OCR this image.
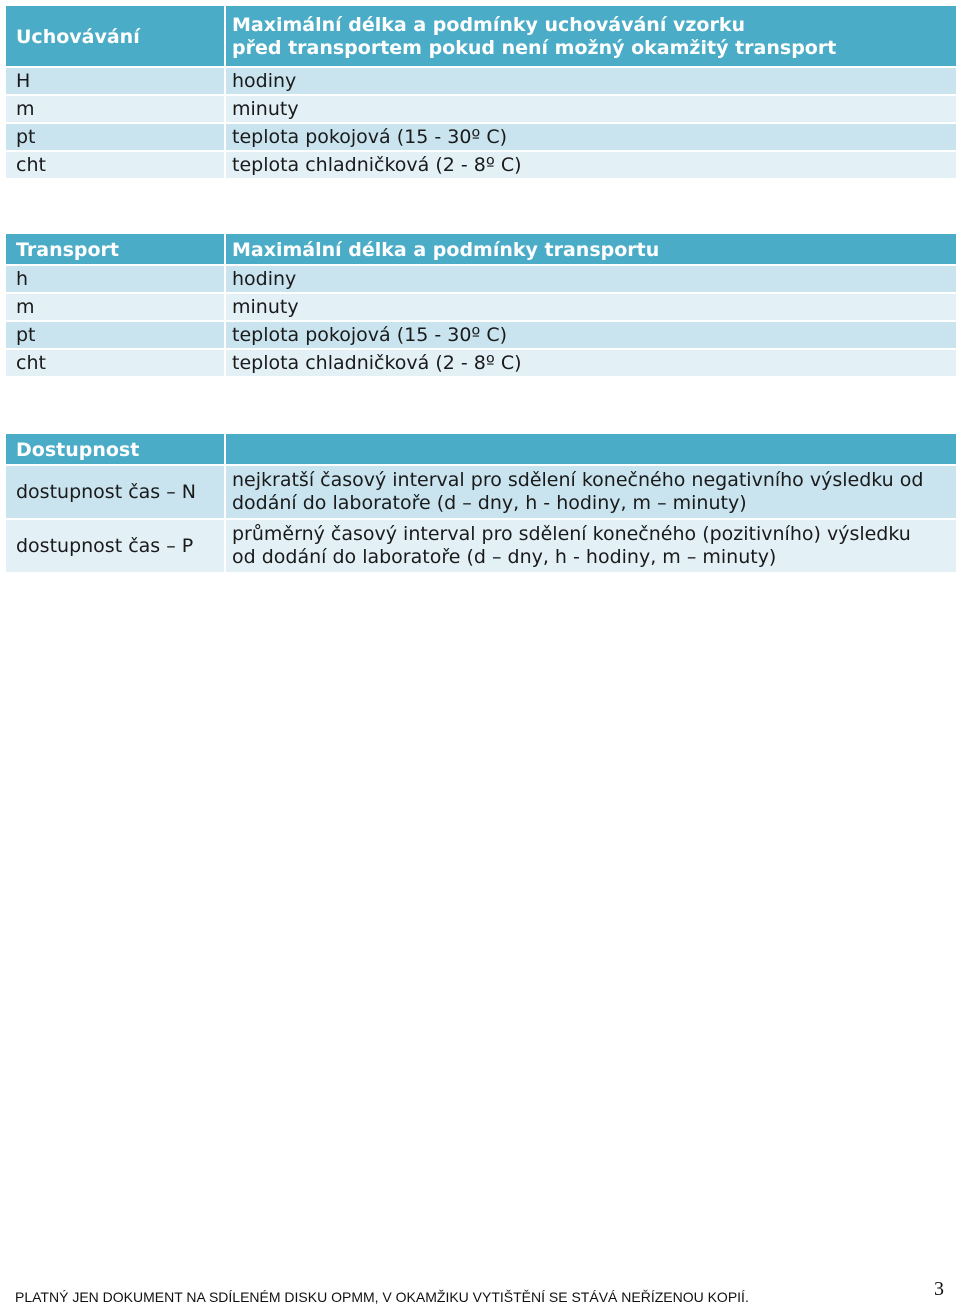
Uchovávání	Maximální délka a podmínky uchovávání vzorku
před transportem pokud není možný okamžitý transport

H	hodiny
m	minuty
pt	teplota pokojová (15 - 30º C)
cht	teplota chladničková (2 - 8º C)
Transport	Maximální délka a podmínky transportu
h	hodiny
m	minuty
pt	teplota pokojová (15 - 30º C)
cht	teplota chladničková (2 - 8º C)
Dostupnost	
dostupnost čas – N	nejkratší časový interval pro sdělení konečného negativního výsledku od
dodání do laboratoře (d – dny, h - hodiny, m – minuty)

dostupnost čas – P	průměrný časový interval pro sdělení konečného (pozitivního) výsledku
od dodání do laboratoře (d – dny, h - hodiny, m – minuty)
PLATNÝ JEN DOKUMENT NA SDÍLENÉM DISKU OPMM, V OKAMŽIKU VYTIŠTĚNÍ SE STÁVÁ NEŘÍZENOU KOPIÍ.	3
